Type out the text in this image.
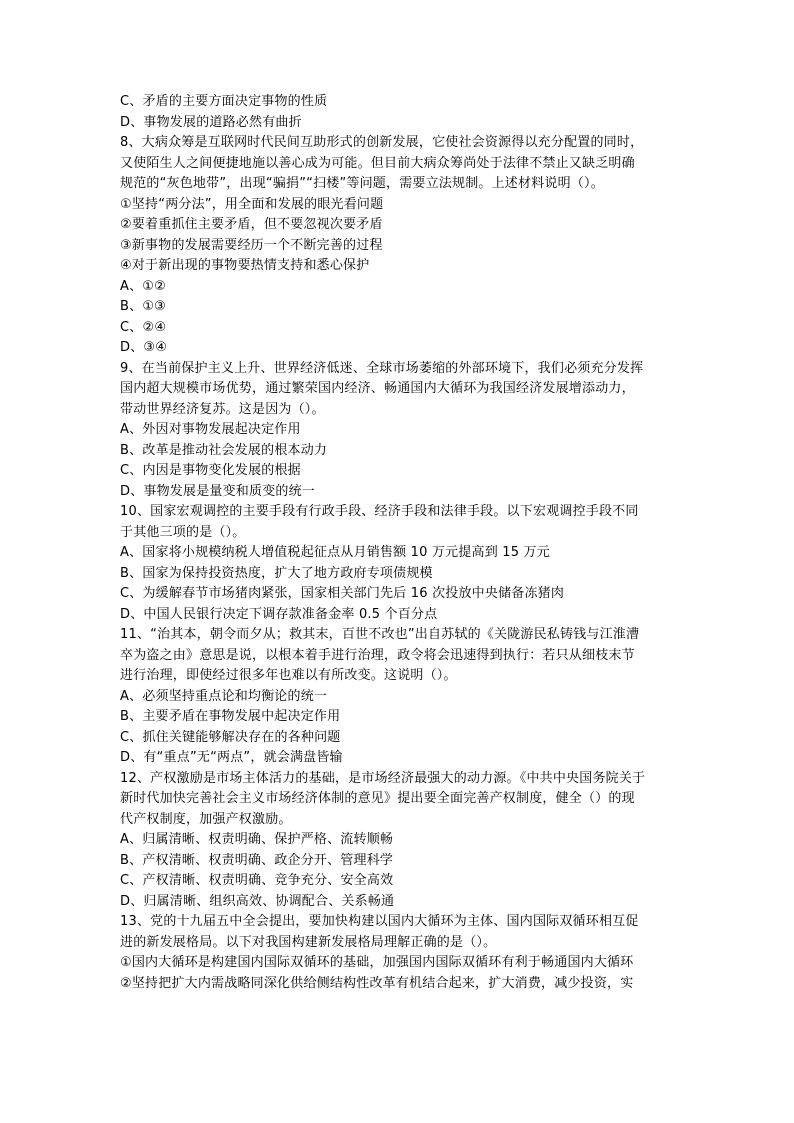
C、矛盾的主要方面决定事物的性质
D、事物发展的道路必然有曲折
8、大病众筹是互联网时代民间互助形式的创新发展，它使社会资源得以充分配置的同时，
又使陌生人之间便捷地施以善心成为可能。但目前大病众筹尚处于法律不禁止又缺乏明确
规范的“灰色地带”，出现“骗捐”“扫楼”等问题，需要立法规制。上述材料说明（）。
①坚持“两分法”，用全面和发展的眼光看问题
②要着重抓住主要矛盾，但不要忽视次要矛盾
③新事物的发展需要经历一个不断完善的过程
④对于新出现的事物要热情支持和悉心保护
A、①②
B、①③
C、②④
D、③④
9、在当前保护主义上升、世界经济低迷、全球市场萎缩的外部环境下，我们必须充分发挥
国内超大规模市场优势，通过繁荣国内经济、畅通国内大循环为我国经济发展增添动力，
带动世界经济复苏。这是因为（）。
A、外因对事物发展起决定作用
B、改革是推动社会发展的根本动力
C、内因是事物变化发展的根据
D、事物发展是量变和质变的统一
10、国家宏观调控的主要手段有行政手段、经济手段和法律手段。以下宏观调控手段不同
于其他三项的是（）。
A、国家将小规模纳税人增值税起征点从月销售额 10 万元提高到 15 万元
B、国家为保持投资热度，扩大了地方政府专项债规模
C、为缓解春节市场猪肉紧张，国家相关部门先后 16 次投放中央储备冻猪肉
D、中国人民银行决定下调存款准备金率 0.5 个百分点
11、“治其本，朝令而夕从；救其末，百世不改也”出自苏轼的《关陇游民私铸钱与江淮漕
卒为盗之由》意思是说，以根本着手进行治理，政令将会迅速得到执行：若只从细枝末节
进行治理，即使经过很多年也难以有所改变。这说明（）。
A、必须坚持重点论和均衡论的统一
B、主要矛盾在事物发展中起决定作用
C、抓住关键能够解决存在的各种问题
D、有“重点”无“两点”，就会满盘皆输
12、产权激励是市场主体活力的基础，是市场经济最强大的动力源。《中共中央国务院关于
新时代加快完善社会主义市场经济体制的意见》提出要全面完善产权制度，健全（）的现
代产权制度，加强产权激励。
A、归属清晰、权责明确、保护严格、流转顺畅
B、产权清晰、权责明确、政企分开、管理科学
C、产权清晰、权责明确、竞争充分、安全高效
D、归属清晰、组织高效、协调配合、关系畅通
13、党的十九届五中全会提出，要加快构建以国内大循环为主体、国内国际双循环相互促
进的新发展格局。以下对我国构建新发展格局理解正确的是（）。
①国内大循环是构建国内国际双循环的基础，加强国内国际双循环有利于畅通国内大循环
②坚持把扩大内需战略同深化供给侧结构性改革有机结合起来，扩大消费，减少投资，实
